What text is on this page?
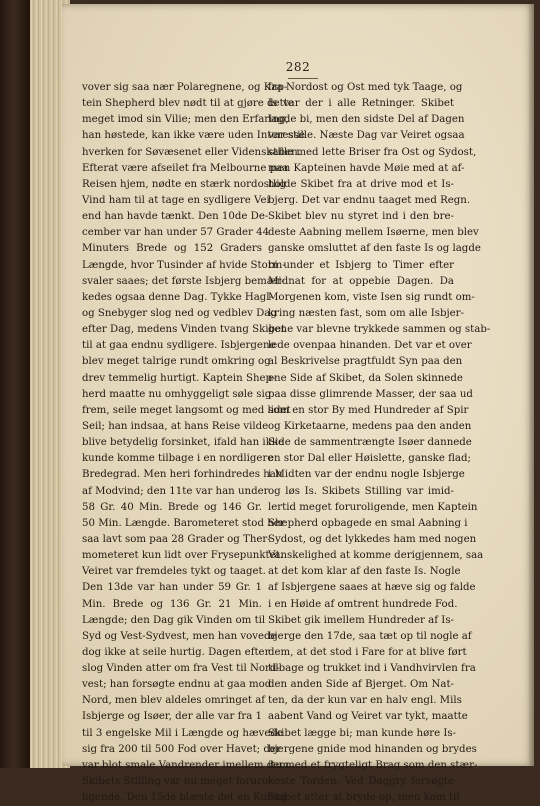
282
vover sig saa nær Polaregnene, og Kap-
tein Shepherd blev nødt til at gjøre dette
meget imod sin Vilie; men den Erfaring,
han høstede, kan ikke være uden Interesse
hverken for Søvæsenet eller Videnskaben.
Efterat være afseilet fra Melbourne paa
Reisen hjem, nødte en stærk nordostlig
Vind ham til at tage en sydligere Vei
end han havde tænkt. Den 10de De-
cember var han under 57 Grader 44
Minuters Brede og 152 Graders
Længde, hvor Tusinder af hvide Storm-
svaler saaes; det første Isbjerg bemær-
kedes ogsaa denne Dag. Tykke Hagl-
og Snebyger slog ned og vedblev Dag
efter Dag, medens Vinden tvang Skibet
til at gaa endnu sydligere. Isbjergene
blev meget talrige rundt omkring og
drev temmelig hurtigt. Kaptein Shep-
herd maatte nu omhyggeligt søle sig
frem, seile meget langsomt og med lidet
Seil; han indsaa, at hans Reise vilde
blive betydelig forsinket, ifald han ikke
kunde komme tilbage i en nordligere
Bredegrad. Men heri forhindredes han
af Modvind; den 11te var han under
58 Gr. 40 Min. Brede og 146 Gr.
50 Min. Længde. Barometeret stod her
saa lavt som paa 28 Grader og Ther-
mometeret kun lidt over Frysepunktet.
Veiret var fremdeles tykt og taaget.
Den 13de var han under 59 Gr. 1
Min. Brede og 136 Gr. 21 Min.
Længde; den Dag gik Vinden om til
Syd og Vest-Sydvest, men han vovede
dog ikke at seile hurtig. Dagen efter
slog Vinden atter om fra Vest til Nord-
vest; han forsøgte endnu at gaa mod
Nord, men blev aldeles omringet af
Isbjerge og Isøer, der alle var fra 1
til 3 engelske Mil i Længde og hævede
sig fra 200 til 500 Fod over Havet; der
var blot smale Vandrender imellem dem.
Skibets Stilling var nu meget foruro-
ligende. Den 15de blæste det en Kuling
fra Nordost og Ost med tyk Taage, og
Is var der i alle Retninger. Skibet
lagde bi, men den sidste Del af Dagen
var stille. Næste Dag var Veiret ogsaa
stille med lette Briser fra Ost og Sydost,
men Kapteinen havde Møie med at af-
holde Skibet fra at drive mod et Is-
bjerg. Det var endnu taaget med Regn.
Skibet blev nu styret ind i den bre-
deste Aabning mellem Isøerne, men blev
ganske omsluttet af den faste Is og lagde
bi under et Isbjerg to Timer efter
Midnat for at oppebie Dagen. Da
Morgenen kom, viste Isen sig rundt om-
kring næsten fast, som om alle Isbjer-
gene var blevne trykkede sammen og stab-
lede ovenpaa hinanden. Det var et over
al Beskrivelse pragtfuldt Syn paa den
ene Side af Skibet, da Solen skinnede
paa disse glimrende Masser, der saa ud
som en stor By med Hundreder af Spir
og Kirketaarne, medens paa den anden
Side de sammentrængte Isøer dannede
en stor Dal eller Høislette, ganske flad;
i Midten var der endnu nogle Isbjerge
og løs Is. Skibets Stilling var imid-
lertid meget foruroligende, men Kaptein
Shepherd opbagede en smal Aabning i
Sydost, og det lykkedes ham med nogen
Vanskelighed at komme derigjennem, saa
at det kom klar af den faste Is. Nogle
af Isbjergene saaes at hæve sig og falde
i en Høide af omtrent hundrede Fod.
Skibet gik imellem Hundreder af Is-
bjerge den 17de, saa tæt op til nogle af
dem, at det stod i Fare for at blive ført
tilbage og trukket ind i Vandhvirvlen fra
den anden Side af Bjerget. Om Nat-
ten, da der kun var en halv engl. Mils
aabent Vand og Veiret var tykt, maatte
Skibet lægge bi; man kunde høre Is-
bjergene gnide mod hinanden og brydes
itu med et frygteligt Brag som den stær-
keste Torden. Ved Daggry forsøgte
Skibet atter at bryde op, men kom til
